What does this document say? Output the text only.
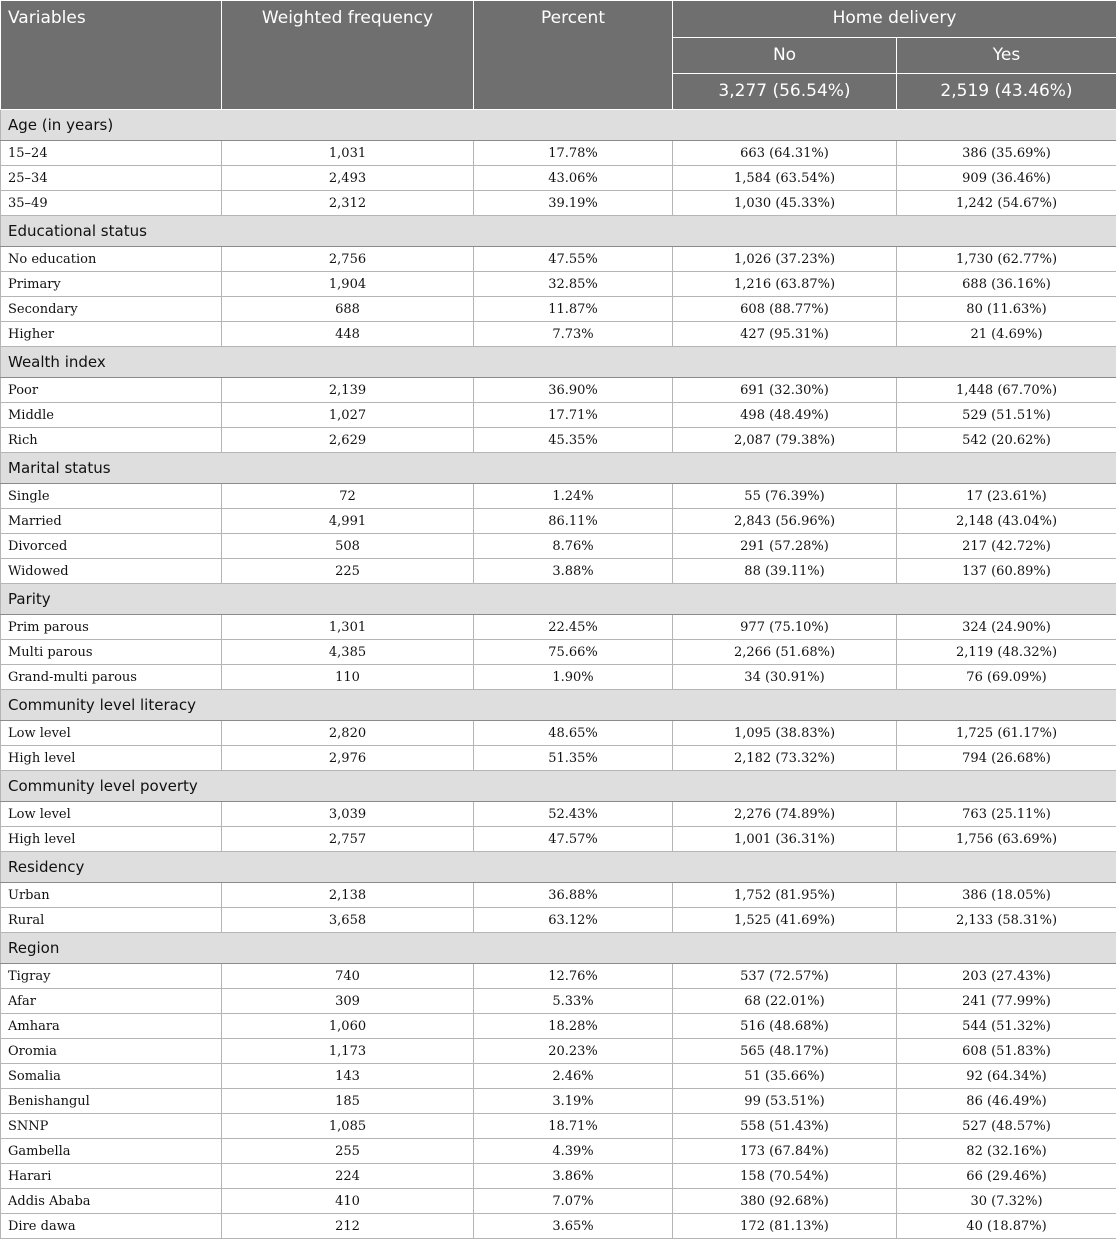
Variables	Weighted frequency	Percent	Home delivery	
			No	Yes
			3,277 (56.54%)	2,519 (43.46%)
Age (in years)				
15–24	1,031	17.78%	663 (64.31%)	386 (35.69%)
25–34	2,493	43.06%	1,584 (63.54%)	909 (36.46%)
35–49	2,312	39.19%	1,030 (45.33%)	1,242 (54.67%)
Educational status				
No education	2,756	47.55%	1,026 (37.23%)	1,730 (62.77%)
Primary	1,904	32.85%	1,216 (63.87%)	688 (36.16%)
Secondary	688	11.87%	608 (88.77%)	80 (11.63%)
Higher	448	7.73%	427 (95.31%)	21 (4.69%)
Wealth index				
Poor	2,139	36.90%	691 (32.30%)	1,448 (67.70%)
Middle	1,027	17.71%	498 (48.49%)	529 (51.51%)
Rich	2,629	45.35%	2,087 (79.38%)	542 (20.62%)
Marital status				
Single	72	1.24%	55 (76.39%)	17 (23.61%)
Married	4,991	86.11%	2,843 (56.96%)	2,148 (43.04%)
Divorced	508	8.76%	291 (57.28%)	217 (42.72%)
Widowed	225	3.88%	88 (39.11%)	137 (60.89%)
Parity				
Prim parous	1,301	22.45%	977 (75.10%)	324 (24.90%)
Multi parous	4,385	75.66%	2,266 (51.68%)	2,119 (48.32%)
Grand-multi parous	110	1.90%	34 (30.91%)	76 (69.09%)
Community level literacy				
Low level	2,820	48.65%	1,095 (38.83%)	1,725 (61.17%)
High level	2,976	51.35%	2,182 (73.32%)	794 (26.68%)
Community level poverty				
Low level	3,039	52.43%	2,276 (74.89%)	763 (25.11%)
High level	2,757	47.57%	1,001 (36.31%)	1,756 (63.69%)
Residency				
Urban	2,138	36.88%	1,752 (81.95%)	386 (18.05%)
Rural	3,658	63.12%	1,525 (41.69%)	2,133 (58.31%)
Region				
Tigray	740	12.76%	537 (72.57%)	203 (27.43%)
Afar	309	5.33%	68 (22.01%)	241 (77.99%)
Amhara	1,060	18.28%	516 (48.68%)	544 (51.32%)
Oromia	1,173	20.23%	565 (48.17%)	608 (51.83%)
Somalia	143	2.46%	51 (35.66%)	92 (64.34%)
Benishangul	185	3.19%	99 (53.51%)	86 (46.49%)
SNNP	1,085	18.71%	558 (51.43%)	527 (48.57%)
Gambella	255	4.39%	173 (67.84%)	82 (32.16%)
Harari	224	3.86%	158 (70.54%)	66 (29.46%)
Addis Ababa	410	7.07%	380 (92.68%)	30 (7.32%)
Dire dawa	212	3.65%	172 (81.13%)	40 (18.87%)
